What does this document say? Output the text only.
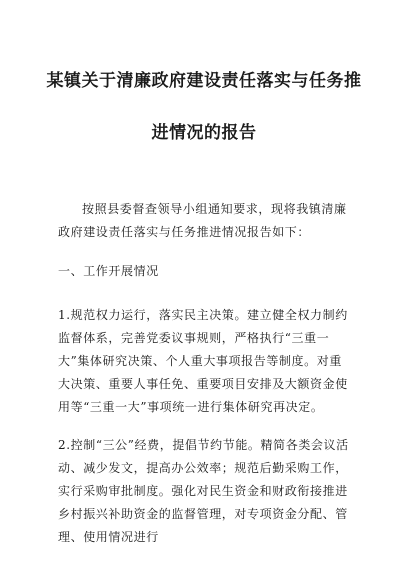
某镇关于清廉政府建设责任落实与任务推
进情况的报告

按照县委督查领导小组通知要求，现将我镇清廉政府建设责任落实与任务推进情况报告如下：

一、工作开展情况

1.规范权力运行，落实民主决策。建立健全权力制约监督体系，完善党委议事规则，严格执行“三重一大”集体研究决策、个人重大事项报告等制度。对重大决策、重要人事任免、重要项目安排及大额资金使用等“三重一大”事项统一进行集体研究再决定。

2.控制“三公”经费，提倡节约节能。精简各类会议活动、减少发文，提高办公效率；规范后勤采购工作，实行采购审批制度。强化对民生资金和财政衔接推进乡村振兴补助资金的监督管理，对专项资金分配、管理、使用情况进行
